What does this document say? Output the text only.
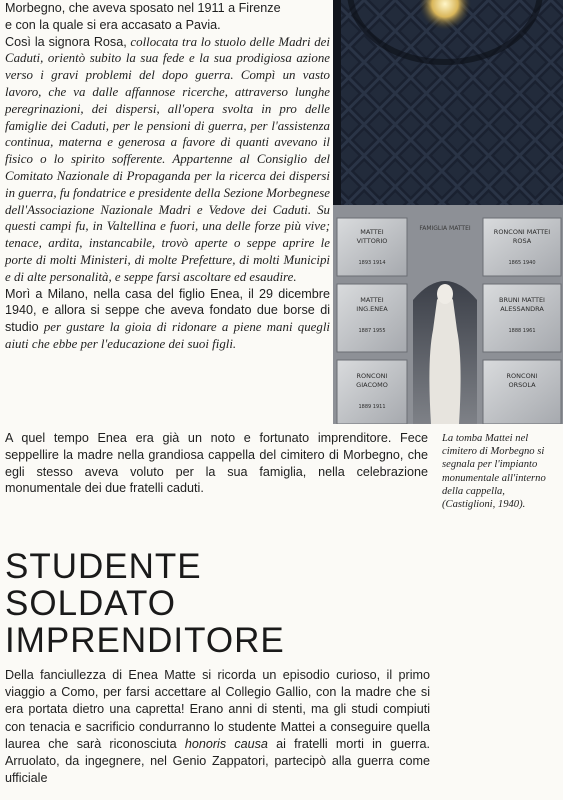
Morbegno, che aveva sposato nel 1911 a Firenze
e con la quale si era accasato a Pavia.

Così la signora Rosa, collocata tra lo stuolo delle Madri dei Caduti, orientò subito la sua fede e la sua prodigiosa azione verso i gravi problemi del dopo guerra. Compì un vasto lavoro, che va dalle affannose ricerche, attraverso lunghe peregrinazioni, dei dispersi, all'opera svolta in pro delle famiglie dei Caduti, per le pensioni di guerra, per l'assistenza continua, materna e generosa a favore di quanti avevano il fisico o lo spirito sofferente. Appartenne al Consiglio del Comitato Nazionale di Propaganda per la ricerca dei dispersi in guerra, fu fondatrice e presidente della Sezione Morbegnese dell'Associazione Nazionale Madri e Vedove dei Caduti. Su questi campi fu, in Valtellina e fuori, una delle forze più vive; tenace, ardita, instancabile, trovò aperte o seppe aprire le porte di molti Ministeri, di molte Prefetture, di molti Municipi e di alte personalità, e seppe farsi ascoltare ed esaudire.

Morì a Milano, nella casa del figlio Enea, il 29 dicembre 1940, e allora si seppe che aveva fondato due borse di studio per gustare la gioia di ridonare a piene mani quegli aiuti che ebbe per l'educazione dei suoi figli.

FAMIGLIA MATTEI
MATTEI
VITTORIO
1893 1914
RONCONI MATTEI
ROSA
1865 1940
MATTEI
ING.ENEA
1887 1955
BRUNI MATTEI
ALESSANDRA
1888 1961
RONCONI
GIACOMO
1889 1911
RONCONI
ORSOLA
La tomba Mattei nel cimitero di Morbegno si segnala per l'impianto monumentale all'interno della cappella, (Castiglioni, 1940).

A quel tempo Enea era già un noto e fortunato imprenditore. Fece seppellire la madre nella grandiosa cappella del cimitero di Morbegno, che egli stesso aveva voluto per la sua famiglia, nella celebrazione monumentale dei due fratelli caduti.

STUDENTE
SOLDATO
IMPRENDITORE

Della fanciullezza di Enea Matte si ricorda un episodio curioso, il primo viaggio a Como, per farsi accettare al Collegio Gallio, con la madre che si era portata dietro una capretta! Erano anni di stenti, ma gli studi compiuti con tenacia e sacrificio condurranno lo studente Mattei a conseguire quella laurea che sarà riconosciuta honoris causa ai fratelli morti in guerra. Arruolato, da ingegnere, nel Genio Zappatori, partecipò alla guerra come ufficiale
